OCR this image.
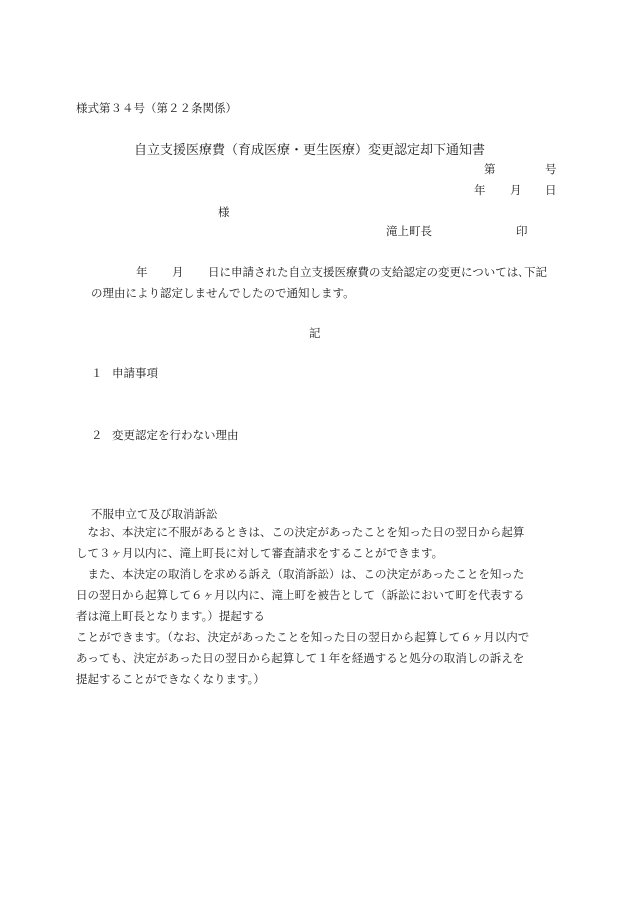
様式第３４号（第２２条関係）
自立支援医療費（育成医療・更生医療）変更認定却下通知書
第	号
年 月 日
様
滝上町長	印
年 月 日に申請された自立支援医療費の支給認定の変更については､下記
の理由により認定しませんでしたので通知します。
記
１ 申請事項
２ 変更認定を行わない理由
不服申立て及び取消訴訟
　なお、本決定に不服があるときは、この決定があったことを知った日の翌日から起算
して３ヶ月以内に、滝上町長に対して審査請求をすることができます。
　また、本決定の取消しを求める訴え（取消訴訟）は、この決定があったことを知った
日の翌日から起算して６ヶ月以内に、滝上町を被告として（訴訟において町を代表する
者は滝上町長となります。）提起する
ことができます。（なお、決定があったことを知った日の翌日から起算して６ヶ月以内で
あっても、決定があった日の翌日から起算して１年を経過すると処分の取消しの訴えを
提起することができなくなります。）
